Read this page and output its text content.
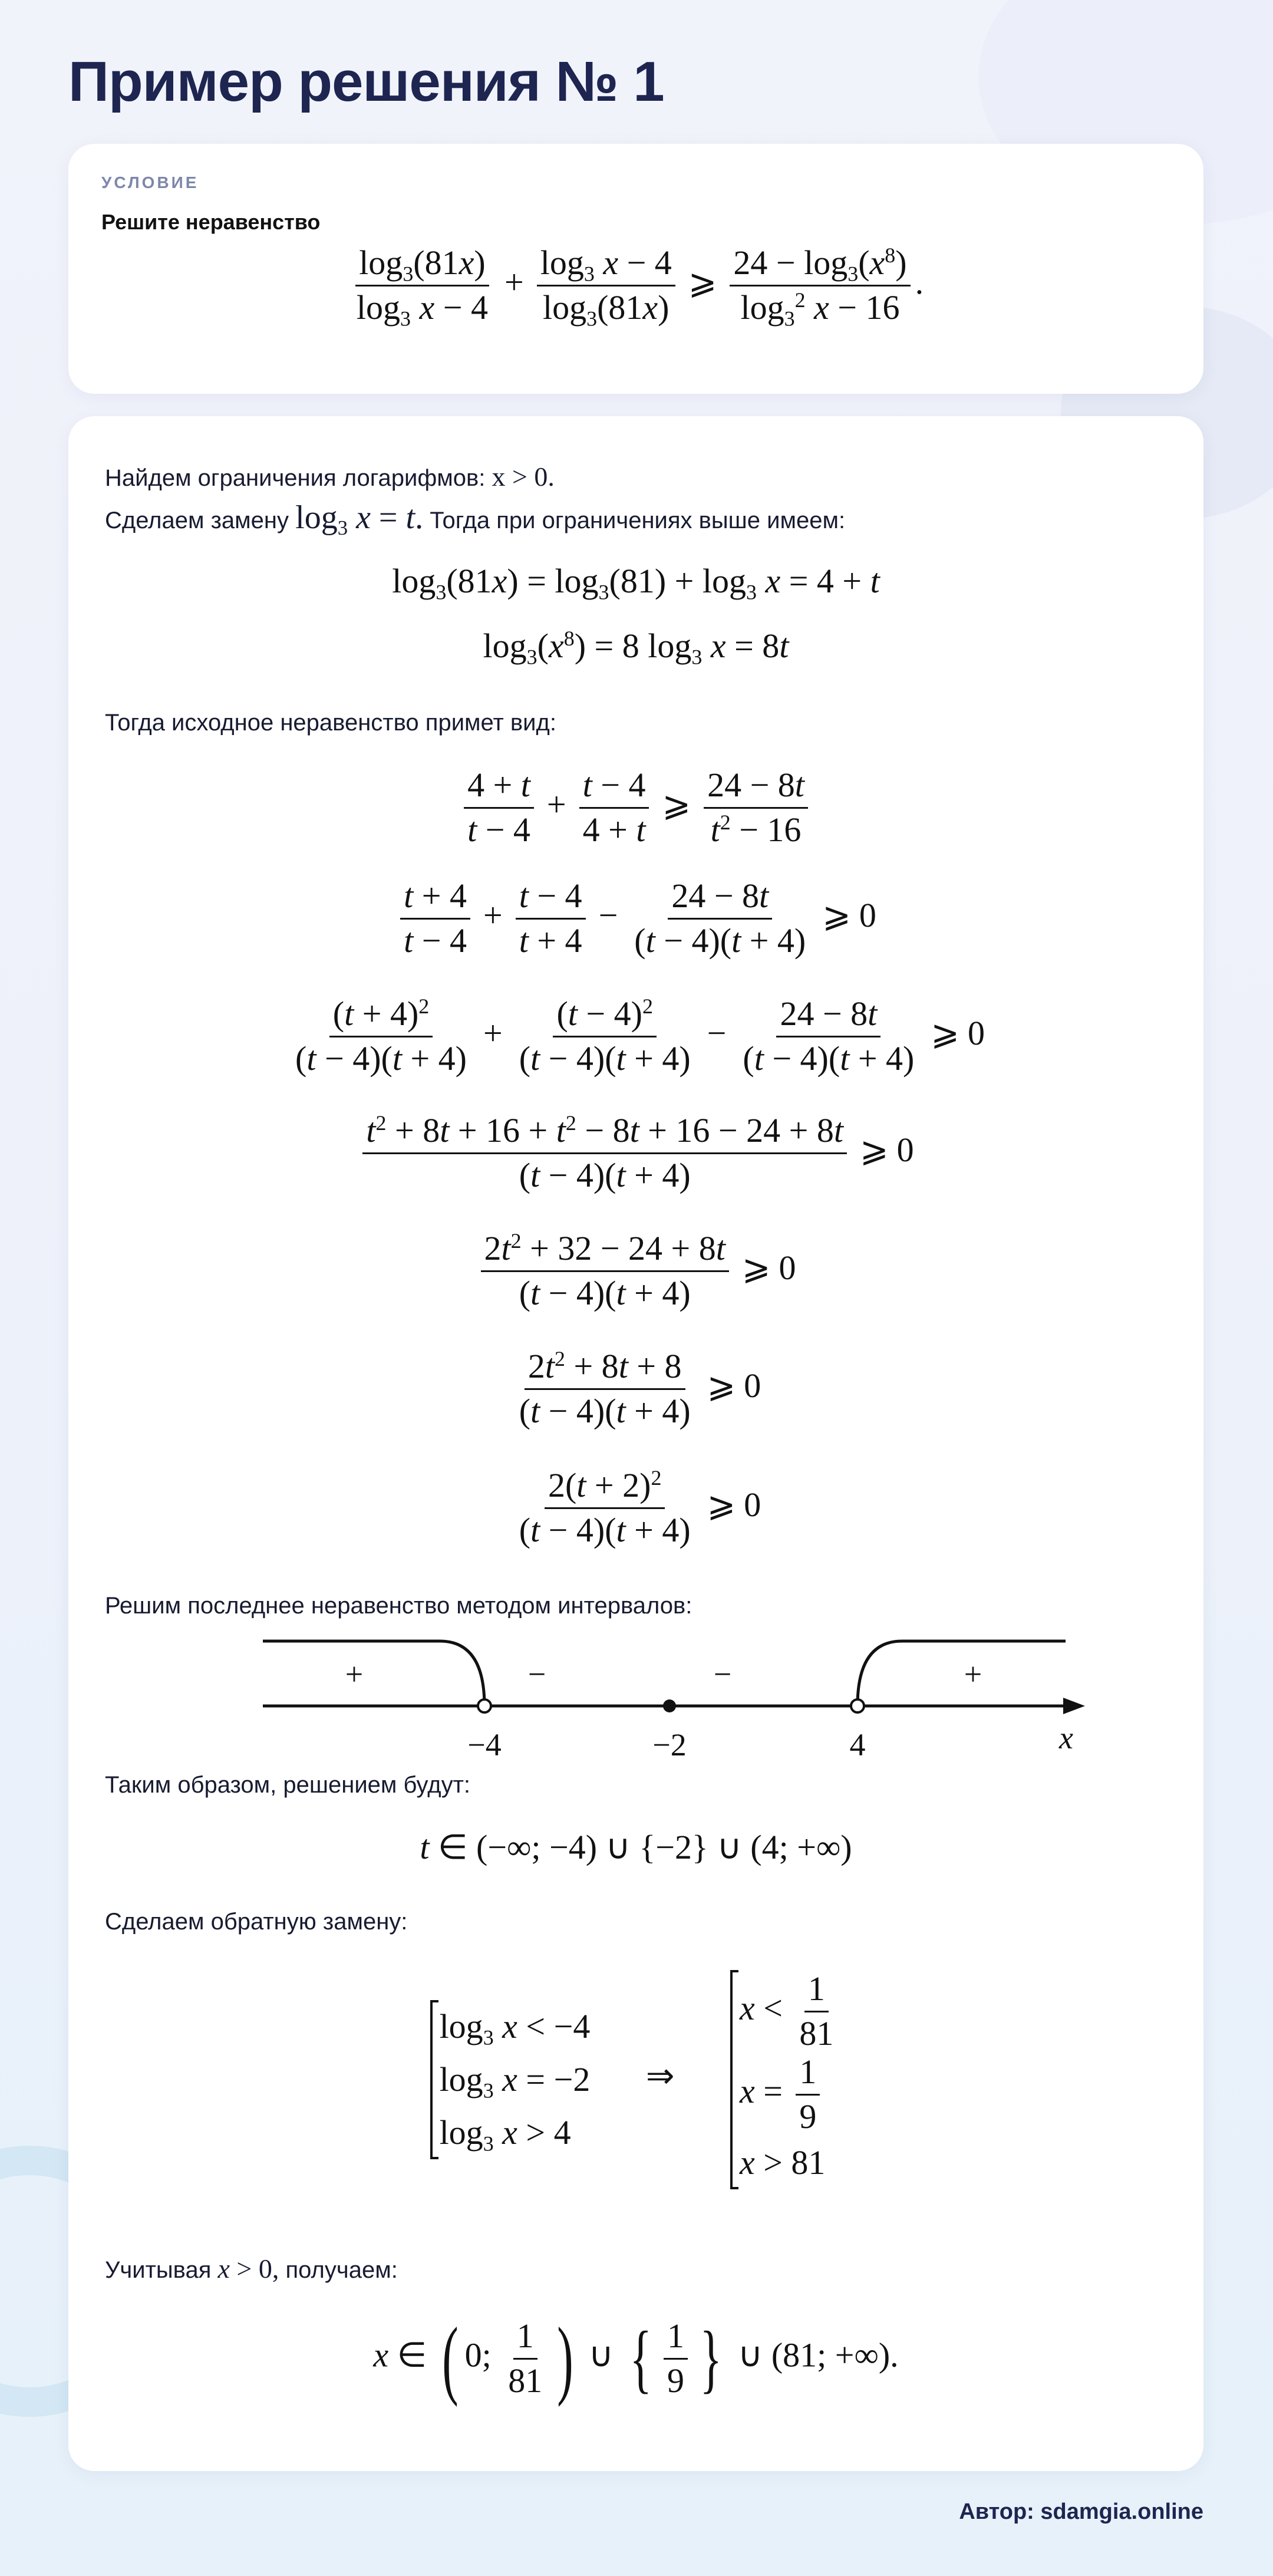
Пример решения № 1
УСЛОВИЕ
Решите неравенство
$\frac{\log_3(81x)}{\log_3 x - 4} + \frac{\log_3 x - 4}{\log_3(81x)}$ ⩾ $\frac{24 - \log_3(x^8)}{\log_3^2 x - 16}$ .
Найдем ограничения логарифмов: x > 0.
Сделаем замену $\log_3 x = t$. Тогда при ограничениях выше имеем:
$\log_3(81x) = \log_3(81) + \log_3 x = 4 + t$
$\log_3(x^8) = 8$ $\log_3 x = 8t$
Тогда исходное неравенство примет вид:
$\frac{4 + t}{t - 4} + \frac{t - 4}{4 + t}$ ⩾ $\frac{24 - 8t}{t^2 - 16}$
$\frac{t + 4}{t - 4} + \frac{t - 4}{t + 4} - \frac{24 - 8t}{(t - 4)(t + 4)}$ ⩾ 0
$\frac{(t + 4)^2}{(t - 4)(t + 4)} + \frac{(t - 4)^2}{(t - 4)(t + 4)} - \frac{24 - 8t}{(t - 4)(t + 4)}$ ⩾ 0
$\frac{t^2 + 8t + 16 + t^2 - 8t + 16 - 24 + 8t}{(t - 4)(t + 4)}$ ⩾ 0
$\frac{2t^2 + 32 - 24 + 8t}{(t - 4)(t + 4)}$ ⩾ 0
$\frac{2t^2 + 8t + 8}{(t - 4)(t + 4)}$ ⩾ 0
$\frac{2(t + 2)^2}{(t - 4)(t + 4)}$ ⩾ 0
Решим последнее неравенство методом интервалов:
−4	−2	4	x
+	−	−	+
Таким образом, решением будут:
t ∈ (−∞; −4) ∪ {−2} ∪ (4; +∞)
Сделаем обратную замену:
$\log_3 x < -4$
$\log_3 x = -2$
$\log_3 x > 4$
⇒
$x < \frac{1}{81}$
$x = \frac{1}{9}$
x > 81
Учитывая x > 0, получаем:
x ∈ ( 0; $\frac{1}{81}$ ) ∪ { $\frac{1}{9}$ } ∪ (81; +∞).
Автор: sdamgia.online
